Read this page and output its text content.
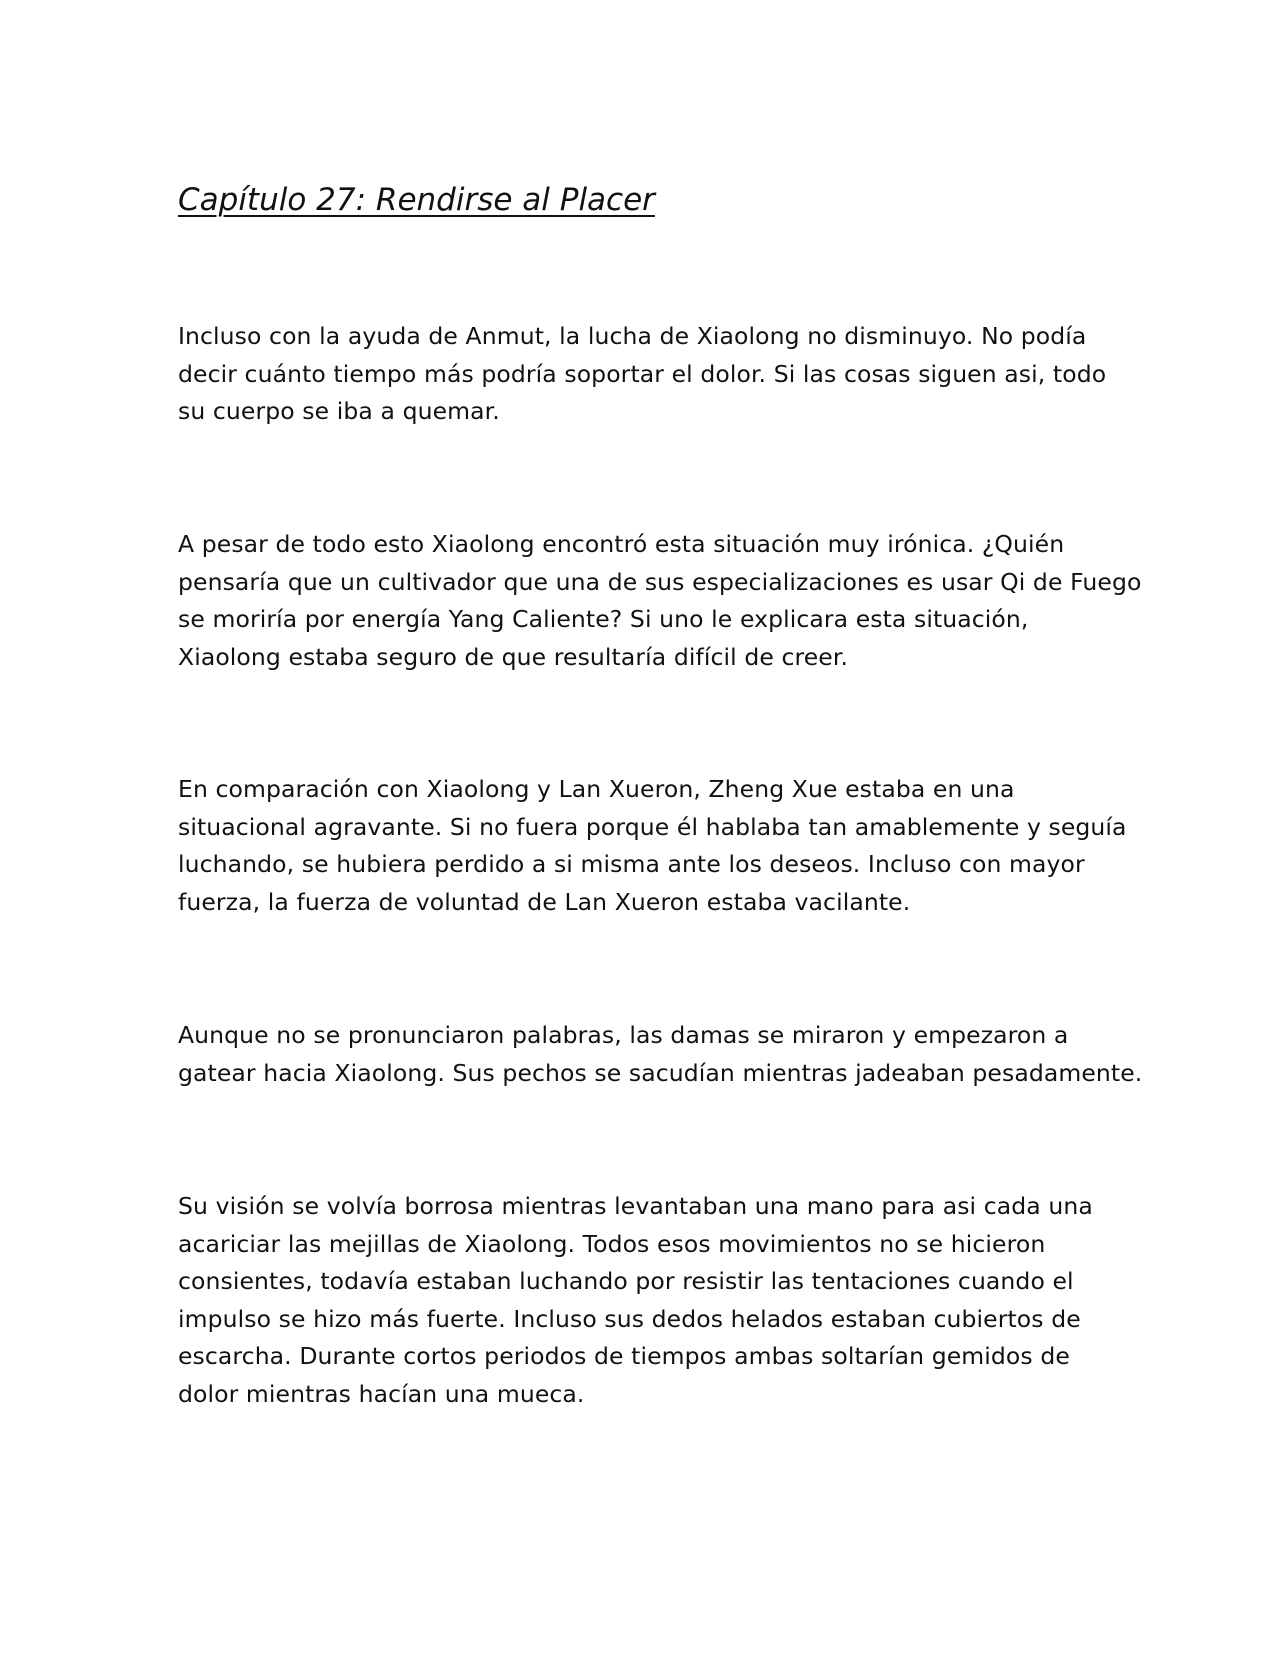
Capítulo 27: Rendirse al Placer
Incluso con la ayuda de Anmut, la lucha de Xiaolong no disminuyo. No podía
decir cuánto tiempo más podría soportar el dolor. Si las cosas siguen asi, todo
su cuerpo se iba a quemar.
A pesar de todo esto Xiaolong encontró esta situación muy irónica. ¿Quién
pensaría que un cultivador que una de sus especializaciones es usar Qi de Fuego
se moriría por energía Yang Caliente? Si uno le explicara esta situación,
Xiaolong estaba seguro de que resultaría difícil de creer.
En comparación con Xiaolong y Lan Xueron, Zheng Xue estaba en una
situacional agravante. Si no fuera porque él hablaba tan amablemente y seguía
luchando, se hubiera perdido a si misma ante los deseos. Incluso con mayor
fuerza, la fuerza de voluntad de Lan Xueron estaba vacilante.
Aunque no se pronunciaron palabras, las damas se miraron y empezaron a
gatear hacia Xiaolong. Sus pechos se sacudían mientras jadeaban pesadamente.
Su visión se volvía borrosa mientras levantaban una mano para asi cada una
acariciar las mejillas de Xiaolong. Todos esos movimientos no se hicieron
consientes, todavía estaban luchando por resistir las tentaciones cuando el
impulso se hizo más fuerte. Incluso sus dedos helados estaban cubiertos de
escarcha. Durante cortos periodos de tiempos ambas soltarían gemidos de
dolor mientras hacían una mueca.
